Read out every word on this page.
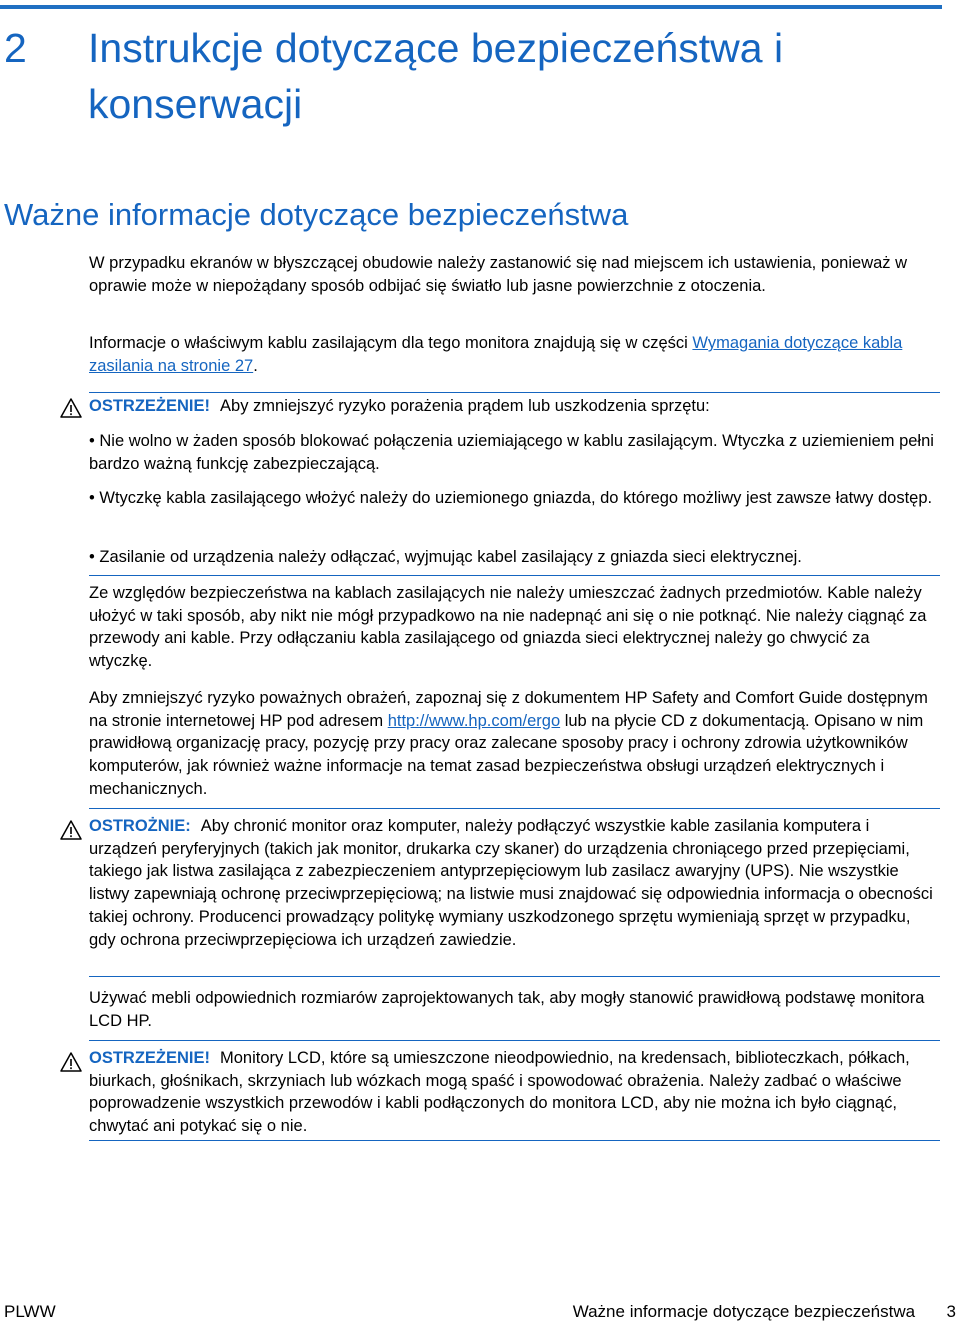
2 Instrukcje dotyczące bezpieczeństwa i konserwacji
Ważne informacje dotyczące bezpieczeństwa

W przypadku ekranów w błyszczącej obudowie należy zastanowić się nad miejscem ich ustawienia, ponieważ w oprawie może w niepożądany sposób odbijać się światło lub jasne powierzchnie z otoczenia.

Informacje o właściwym kablu zasilającym dla tego monitora znajdują się w części Wymagania dotyczące kabla zasilania na stronie 27.

OSTRZEŻENIE! Aby zmniejszyć ryzyko porażenia prądem lub uszkodzenia sprzętu:
• Nie wolno w żaden sposób blokować połączenia uziemiającego w kablu zasilającym. Wtyczka z uziemieniem pełni bardzo ważną funkcję zabezpieczającą.
• Wtyczkę kabla zasilającego włożyć należy do uziemionego gniazda, do którego możliwy jest zawsze łatwy dostęp.
• Zasilanie od urządzenia należy odłączać, wyjmując kabel zasilający z gniazda sieci elektrycznej.

Ze względów bezpieczeństwa na kablach zasilających nie należy umieszczać żadnych przedmiotów. Kable należy ułożyć w taki sposób, aby nikt nie mógł przypadkowo na nie nadepnąć ani się o nie potknąć. Nie należy ciągnąć za przewody ani kable. Przy odłączaniu kabla zasilającego od gniazda sieci elektrycznej należy go chwycić za wtyczkę.

Aby zmniejszyć ryzyko poważnych obrażeń, zapoznaj się z dokumentem HP Safety and Comfort Guide dostępnym na stronie internetowej HP pod adresem http://www.hp.com/ergo lub na płycie CD z dokumentacją. Opisano w nim prawidłową organizację pracy, pozycję przy pracy oraz zalecane sposoby pracy i ochrony zdrowia użytkowników komputerów, jak również ważne informacje na temat zasad bezpieczeństwa obsługi urządzeń elektrycznych i mechanicznych.

OSTROŻNIE: Aby chronić monitor oraz komputer, należy podłączyć wszystkie kable zasilania komputera i urządzeń peryferyjnych (takich jak monitor, drukarka czy skaner) do urządzenia chroniącego przed przepięciami, takiego jak listwa zasilająca z zabezpieczeniem antyprzepięciowym lub zasilacz awaryjny (UPS). Nie wszystkie listwy zapewniają ochronę przeciwprzepięciową; na listwie musi znajdować się odpowiednia informacja o obecności takiej ochrony. Producenci prowadzący politykę wymiany uszkodzonego sprzętu wymieniają sprzęt w przypadku, gdy ochrona przeciwprzepięciowa ich urządzeń zawiedzie.

Używać mebli odpowiednich rozmiarów zaprojektowanych tak, aby mogły stanowić prawidłową podstawę monitora LCD HP.

OSTRZEŻENIE! Monitory LCD, które są umieszczone nieodpowiednio, na kredensach, biblioteczkach, półkach, biurkach, głośnikach, skrzyniach lub wózkach mogą spaść i spowodować obrażenia. Należy zadbać o właściwe poprowadzenie wszystkich przewodów i kabli podłączonych do monitora LCD, aby nie można ich było ciągnąć, chwytać ani potykać się o nie.
PLWW	Ważne informacje dotyczące bezpieczeństwa 3
